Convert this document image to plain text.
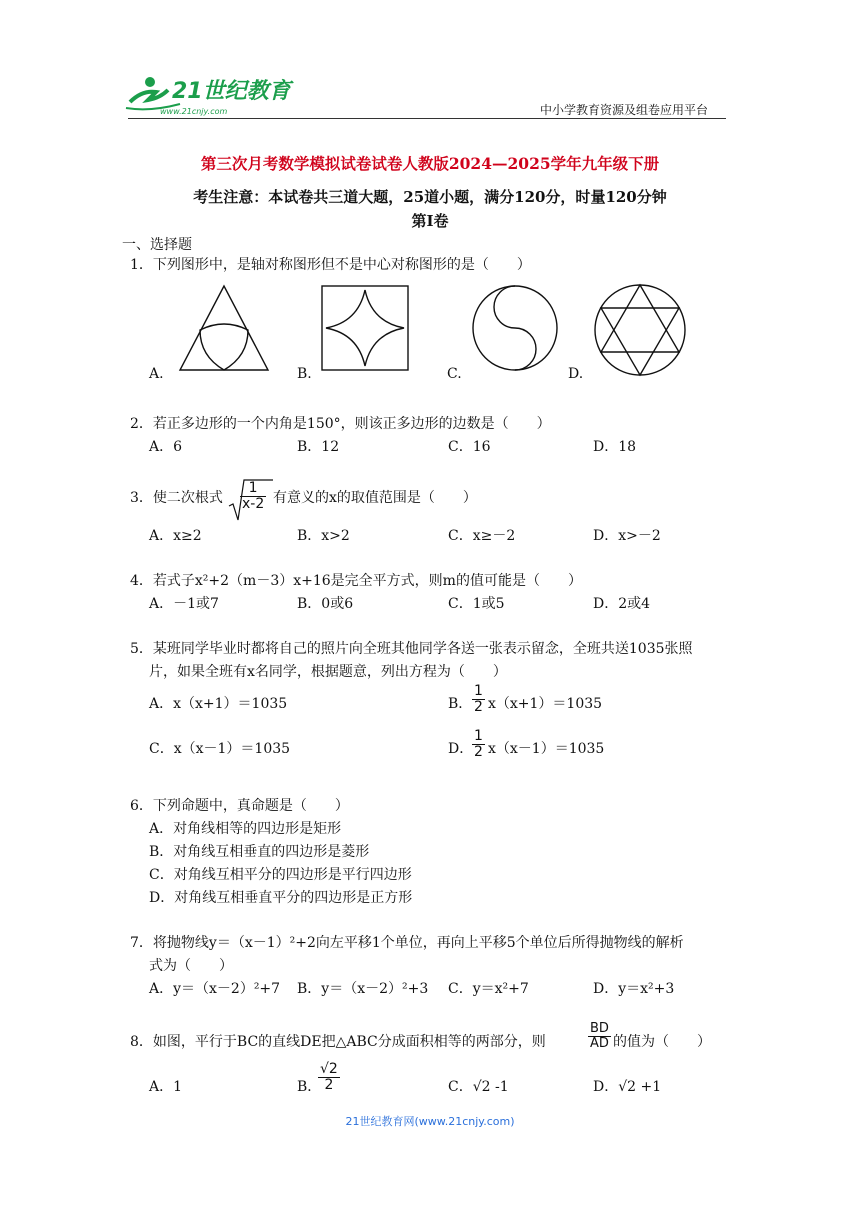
21世纪教育
www.21cnjy.com	中小学教育资源及组卷应用平台
第三次月考数学模拟试卷试卷人教版2024—2025学年九年级下册
考生注意：本试卷共三道大题，25道小题，满分120分，时量120分钟
第Ⅰ卷
一、选择题
1．下列图形中，是轴对称图形但不是中心对称图形的是（　　）
A.	B.	C.	D.
2．若正多边形的一个内角是150°，则该正多边形的边数是（　　）
A．6	B．12	C．16	D．18
3．使二次根式 $\frac{1}{x-2}$ 有意义的x的取值范围是（　　）
A．x≥2	B．x>2	C．x≥－2	D．x>－2
4．若式子x²+2（m－3）x+16是完全平方式，则m的值可能是（　　）
A．－1或7	B．0或6	C．1或5	D．2或4
5．某班同学毕业时都将自己的照片向全班其他同学各送一张表示留念，全班共送1035张照
片，如果全班有x名同学，根据题意，列出方程为（　　）
A．x（x+1）＝1035	B． $\frac{1}{2} x(x+1)=1035$
C．x（x－1）＝1035	D．
$\frac{1}{2} x(x-1)=1035$
6．下列命题中，真命题是（　　）
A．对角线相等的四边形是矩形
B．对角线互相垂直的四边形是菱形
C．对角线互相平分的四边形是平行四边形
D．对角线互相垂直平分的四边形是正方形
7．将抛物线y＝（x－1）²+2向左平移1个单位，再向上平移5个单位后所得抛物线的解析
式为（　　）
A．y＝（x－2）²+7 B．y＝（x－2）²+3 C．y＝x²+7	D．y＝x²+3
8．如图，平行于BC的直线DE把△ABC分成面积相等的两部分，则	$\frac{BD}{AD}$ 的值为（　　）
A．1	B．
$\frac{√2}{2}$	C．√2 -1	D．√2 +1
21世纪教育网(www.21cnjy.com)
